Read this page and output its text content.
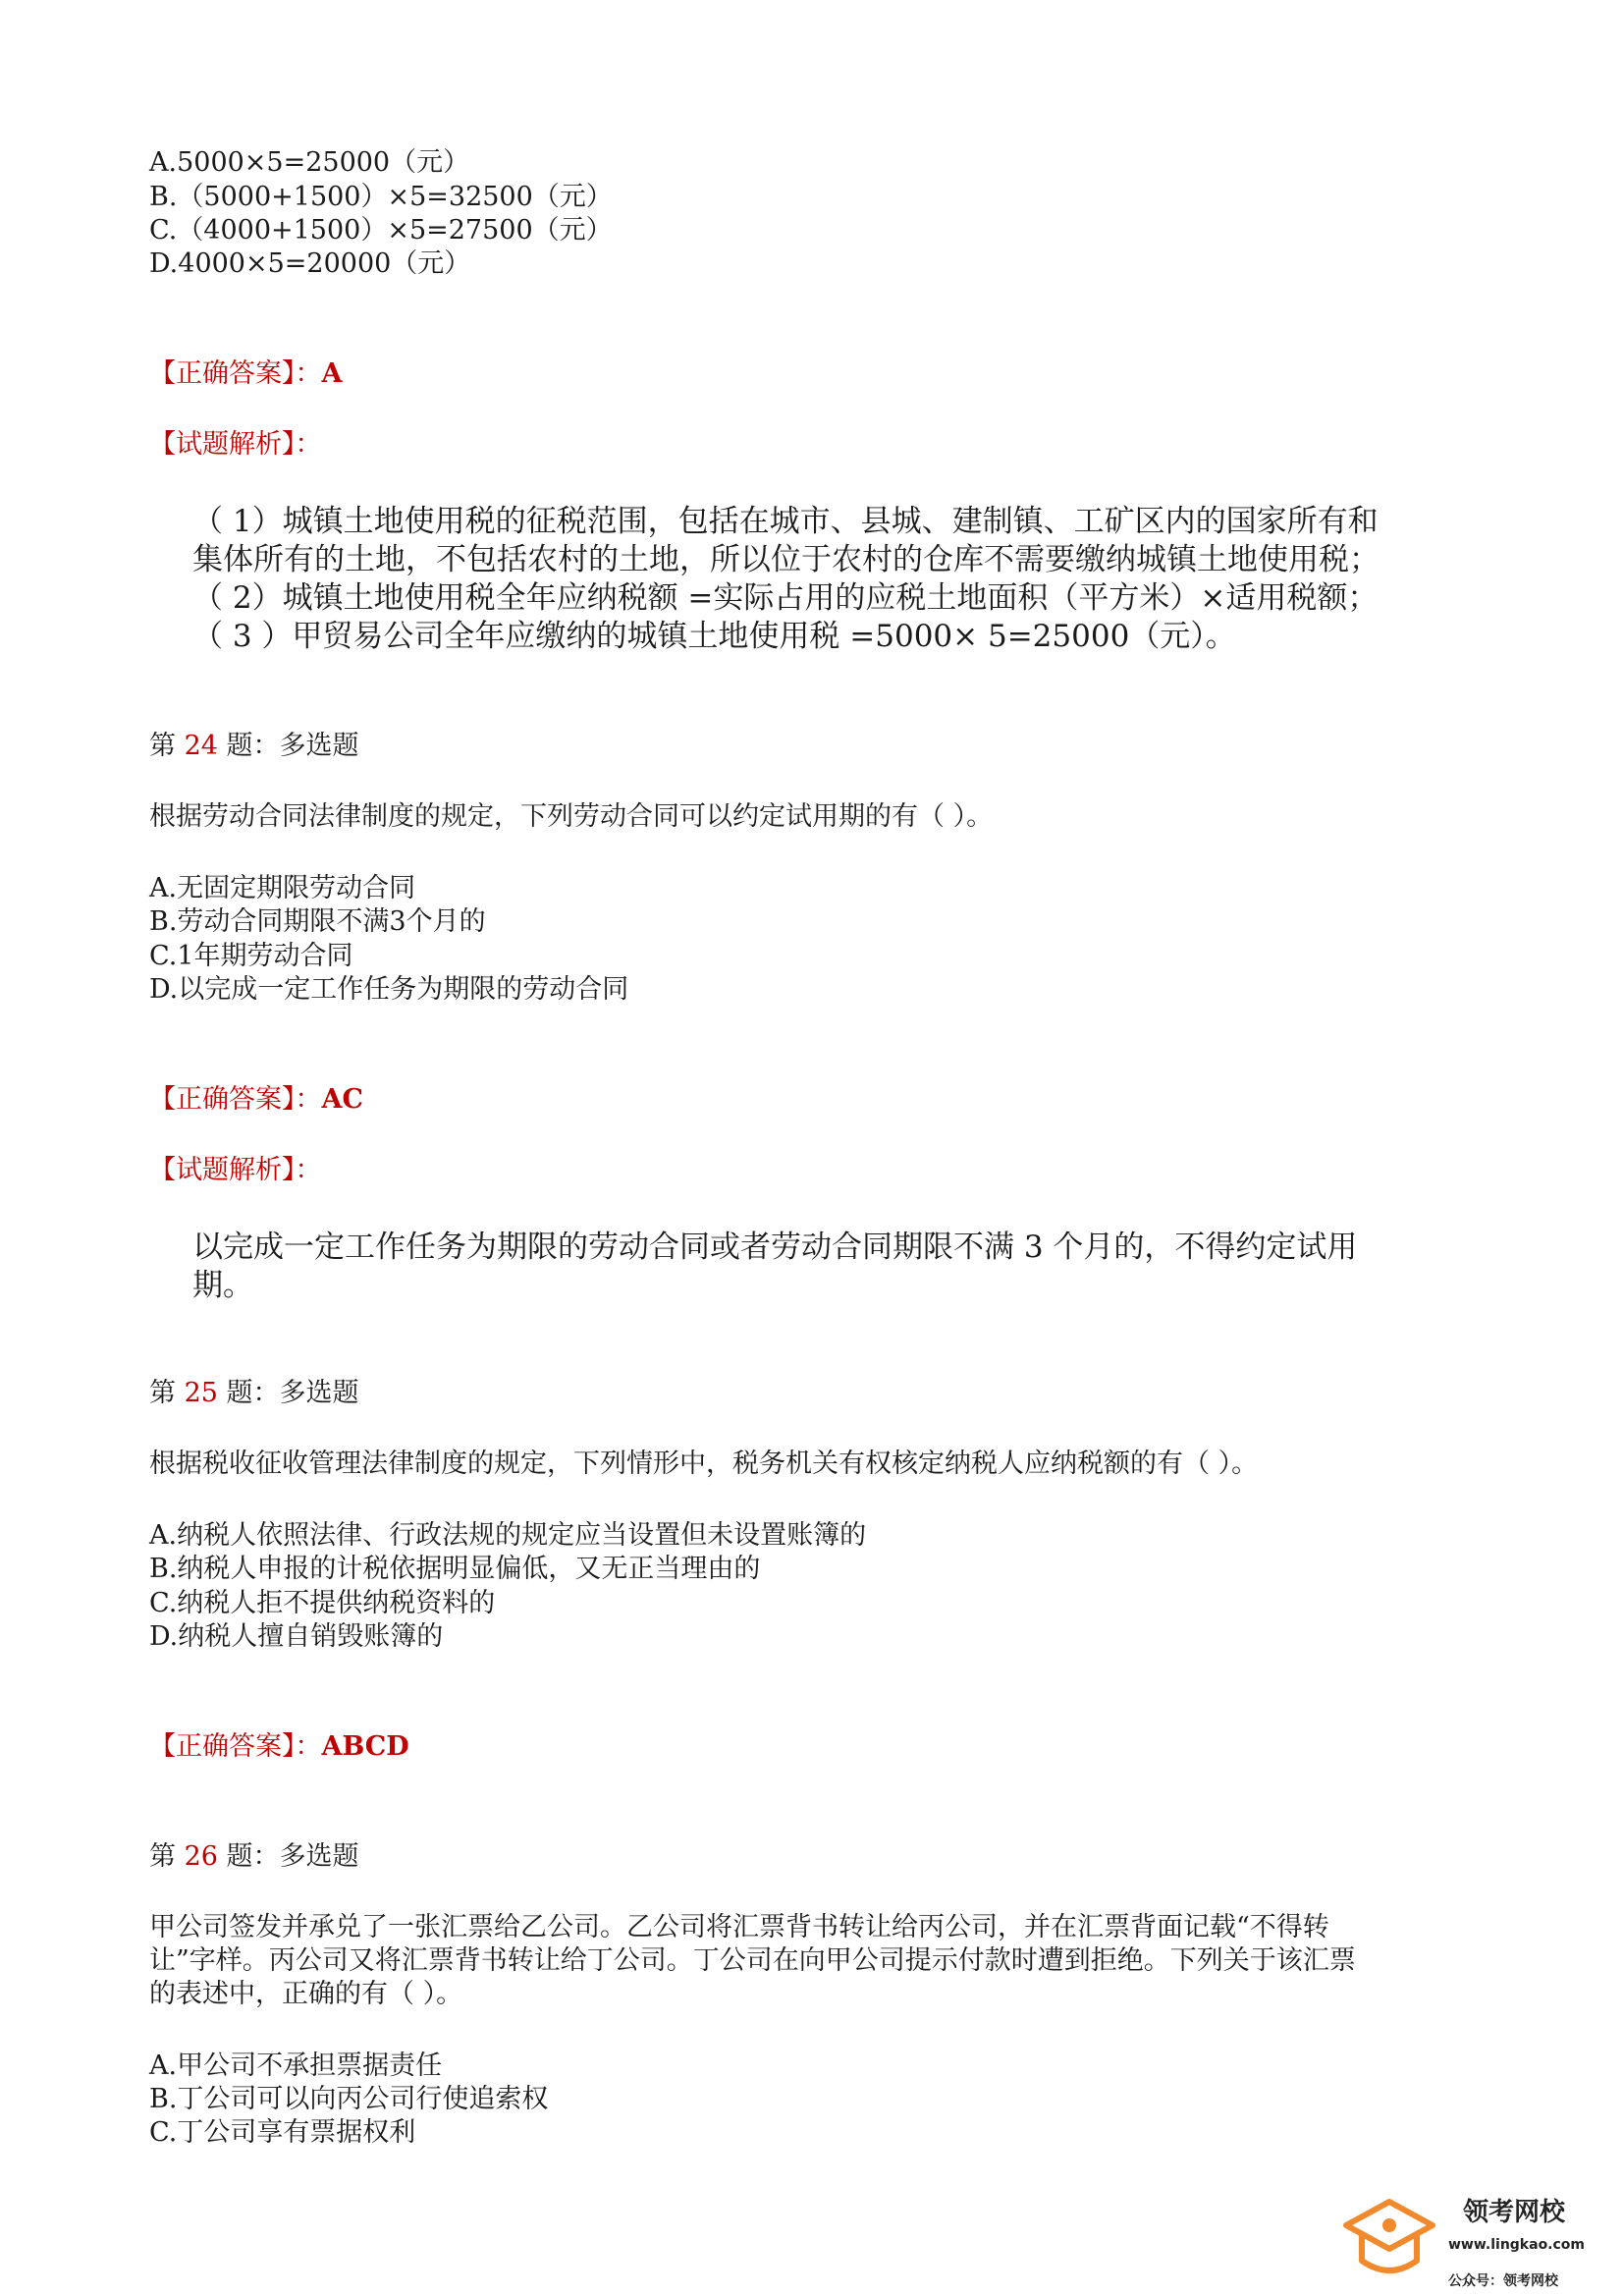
A.5000×5=25000（元）
B.（5000+1500）×5=32500（元）
C.（4000+1500）×5=27500（元）
D.4000×5=20000（元）
【正确答案】：A
【试题解析】：
（ 1）城镇土地使用税的征税范围，包括在城市、县城、建制镇、工矿区内的国家所有和
集体所有的土地，不包括农村的土地，所以位于农村的仓库不需要缴纳城镇土地使用税；
（ 2）城镇土地使用税全年应纳税额 =实际占用的应税土地面积（平方米）×适用税额；
（ 3 ）甲贸易公司全年应缴纳的城镇土地使用税 =5000× 5=25000（元）。
第 24 题：多选题
根据劳动合同法律制度的规定，下列劳动合同可以约定试用期的有（ ）。
A.无固定期限劳动合同
B.劳动合同期限不满3个月的
C.1年期劳动合同
D.以完成一定工作任务为期限的劳动合同
【正确答案】：AC
【试题解析】：
以完成一定工作任务为期限的劳动合同或者劳动合同期限不满 3 个月的，不得约定试用
期。
第 25 题：多选题
根据税收征收管理法律制度的规定，下列情形中，税务机关有权核定纳税人应纳税额的有（ ）。
A.纳税人依照法律、行政法规的规定应当设置但未设置账簿的
B.纳税人申报的计税依据明显偏低，又无正当理由的
C.纳税人拒不提供纳税资料的
D.纳税人擅自销毁账簿的
【正确答案】：ABCD
第 26 题：多选题
甲公司签发并承兑了一张汇票给乙公司。乙公司将汇票背书转让给丙公司，并在汇票背面记载“不得转
让”字样。丙公司又将汇票背书转让给丁公司。丁公司在向甲公司提示付款时遭到拒绝。下列关于该汇票
的表述中，正确的有（ ）。
A.甲公司不承担票据责任
B.丁公司可以向丙公司行使追索权
C.丁公司享有票据权利
领考网校
www.lingkao.com
公众号：领考网校
